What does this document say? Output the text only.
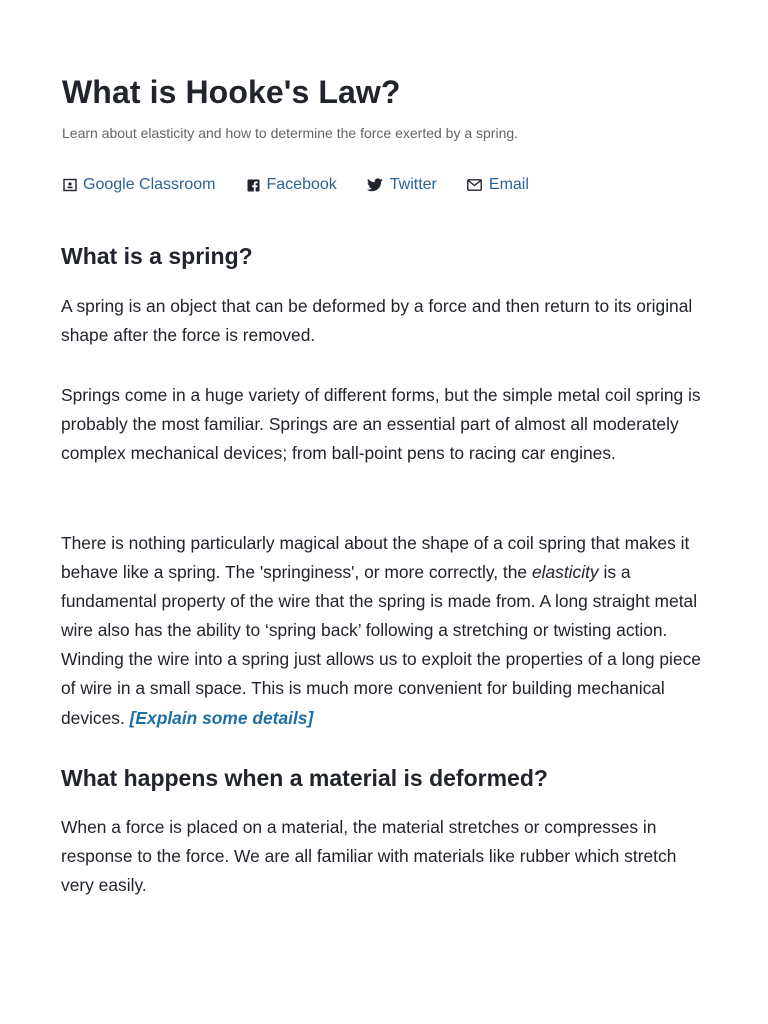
What is Hooke's Law?

Learn about elasticity and how to determine the force exerted by a spring.

Google Classroom	Facebook	Twitter	Email
What is a spring?

A spring is an object that can be deformed by a force and then return to its original shape after the force is removed.

Springs come in a huge variety of different forms, but the simple metal coil spring is probably the most familiar. Springs are an essential part of almost all moderately complex mechanical devices; from ball-point pens to racing car engines.

There is nothing particularly magical about the shape of a coil spring that makes it behave like a spring. The 'springiness', or more correctly, the elasticity is a fundamental property of the wire that the spring is made from. A long straight metal wire also has the ability to ‘spring back’ following a stretching or twisting action. Winding the wire into a spring just allows us to exploit the properties of a long piece of wire in a small space. This is much more convenient for building mechanical devices. [Explain some details]

What happens when a material is deformed?

When a force is placed on a material, the material stretches or compresses in response to the force. We are all familiar with materials like rubber which stretch very easily.
